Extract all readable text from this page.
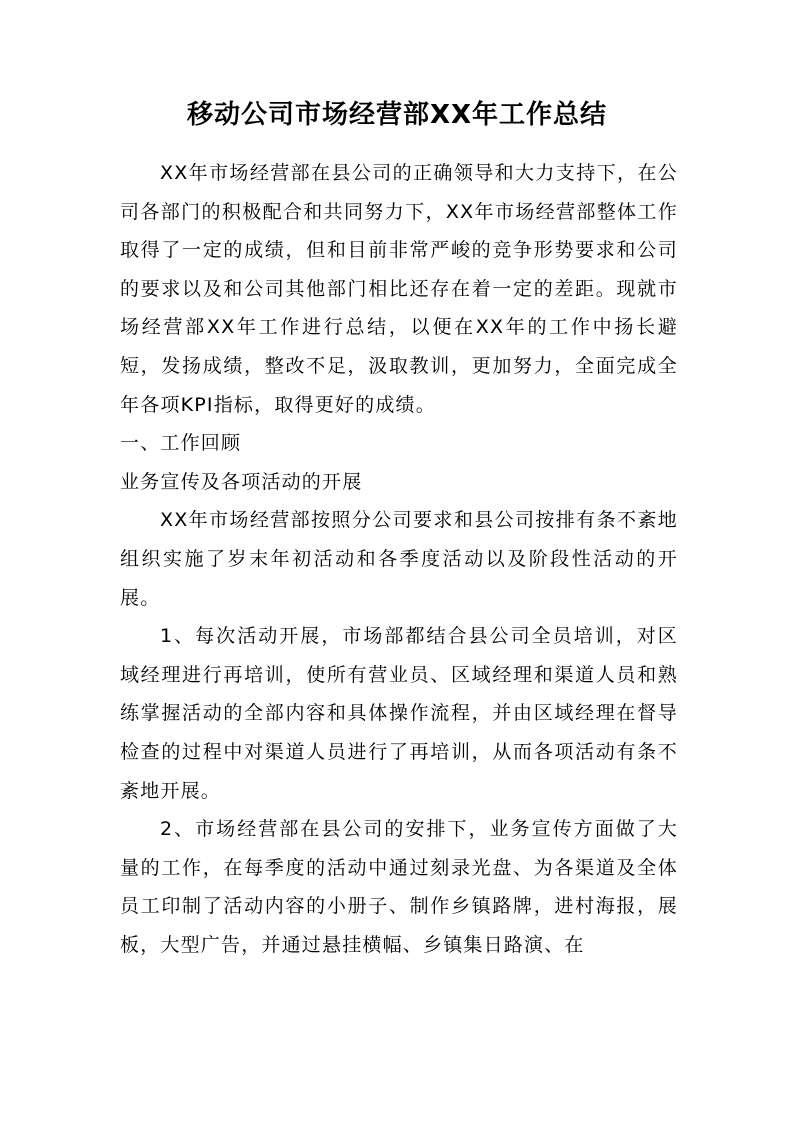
移动公司市场经营部XX年工作总结

XX年市场经营部在县公司的正确领导和大力支持下，在公司各部门的积极配合和共同努力下，XX年市场经营部整体工作取得了一定的成绩，但和目前非常严峻的竞争形势要求和公司的要求以及和公司其他部门相比还存在着一定的差距。现就市场经营部XX年工作进行总结，以便在XX年的工作中扬长避短，发扬成绩，整改不足，汲取教训，更加努力，全面完成全年各项KPI指标，取得更好的成绩。

一、工作回顾

业务宣传及各项活动的开展

XX年市场经营部按照分公司要求和县公司按排有条不紊地组织实施了岁末年初活动和各季度活动以及阶段性活动的开展。

1、每次活动开展，市场部都结合县公司全员培训，对区域经理进行再培训，使所有营业员、区域经理和渠道人员和熟练掌握活动的全部内容和具体操作流程，并由区域经理在督导检查的过程中对渠道人员进行了再培训，从而各项活动有条不紊地开展。

2、市场经营部在县公司的安排下，业务宣传方面做了大量的工作，在每季度的活动中通过刻录光盘、为各渠道及全体员工印制了活动内容的小册子、制作乡镇路牌，进村海报，展板，大型广告，并通过悬挂横幅、乡镇集日路演、在
